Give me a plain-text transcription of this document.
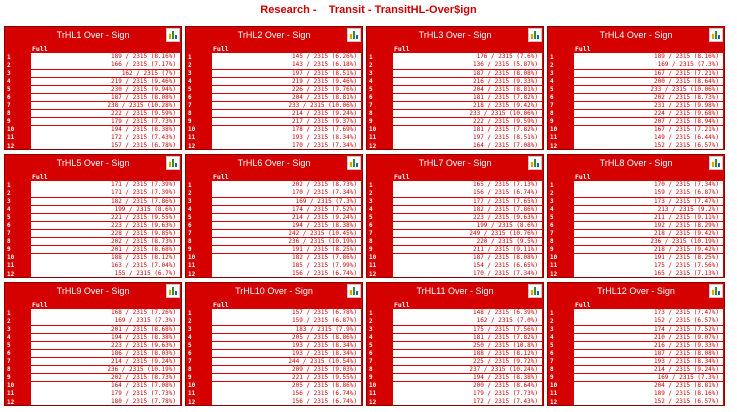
Research -    Transit - TransitHL-Over$ign
TrHL1 Over - Sign
Full
1	189 / 2315 (8.16%)
2	166 / 2315 (7.17%)
3	162 / 2315 (7%)
4	219 / 2315 (9.46%)
5	230 / 2315 (9.94%)
6	187 / 2315 (8.08%)
7	238 / 2315 (10.28%)
8	222 / 2315 (9.59%)
9	179 / 2315 (7.73%)
10	194 / 2315 (8.38%)
11	172 / 2315 (7.43%)
12	157 / 2315 (6.78%)
TrHL2 Over - Sign
Full
1	145 / 2315 (6.26%)
2	143 / 2315 (6.18%)
3	197 / 2315 (8.51%)
4	219 / 2315 (9.46%)
5	226 / 2315 (9.76%)
6	204 / 2315 (8.81%)
7	233 / 2315 (10.06%)
8	214 / 2315 (9.24%)
9	217 / 2315 (9.37%)
10	178 / 2315 (7.69%)
11	193 / 2315 (8.34%)
12	170 / 2315 (7.34%)
TrHL3 Over - Sign
Full
1	176 / 2315 (7.6%)
2	136 / 2315 (5.87%)
3	187 / 2315 (8.08%)
4	216 / 2315 (9.33%)
5	204 / 2315 (8.81%)
6	181 / 2315 (7.82%)
7	218 / 2315 (9.42%)
8	233 / 2315 (10.06%)
9	222 / 2315 (9.59%)
10	181 / 2315 (7.82%)
11	197 / 2315 (8.51%)
12	164 / 2315 (7.08%)
TrHL4 Over - Sign
Full
1	189 / 2315 (8.16%)
2	169 / 2315 (7.3%)
3	167 / 2315 (7.21%)
4	200 / 2315 (8.64%)
5	233 / 2315 (10.06%)
6	202 / 2315 (8.73%)
7	231 / 2315 (9.98%)
8	224 / 2315 (9.68%)
9	207 / 2315 (8.94%)
10	167 / 2315 (7.21%)
11	149 / 2315 (6.44%)
12	152 / 2315 (6.57%)
TrHL5 Over - Sign
Full
1	171 / 2315 (7.39%)
2	171 / 2315 (7.39%)
3	182 / 2315 (7.86%)
4	199 / 2315 (8.6%)
5	221 / 2315 (9.55%)
6	223 / 2315 (9.63%)
7	228 / 2315 (9.85%)
8	202 / 2315 (8.73%)
9	201 / 2315 (8.68%)
10	188 / 2315 (8.12%)
11	163 / 2315 (7.04%)
12	155 / 2315 (6.7%)
TrHL6 Over - Sign
Full
1	202 / 2315 (8.73%)
2	170 / 2315 (7.34%)
3	169 / 2315 (7.3%)
4	174 / 2315 (7.52%)
5	214 / 2315 (9.24%)
6	194 / 2315 (8.38%)
7	242 / 2315 (10.45%)
8	236 / 2315 (10.19%)
9	191 / 2315 (8.25%)
10	182 / 2315 (7.86%)
11	185 / 2315 (7.99%)
12	156 / 2315 (6.74%)
TrHL7 Over - Sign
Full
1	165 / 2315 (7.13%)
2	156 / 2315 (6.74%)
3	177 / 2315 (7.65%)
4	182 / 2315 (7.86%)
5	223 / 2315 (9.63%)
6	199 / 2315 (8.6%)
7	249 / 2315 (10.76%)
8	220 / 2315 (9.5%)
9	211 / 2315 (9.11%)
10	187 / 2315 (8.08%)
11	154 / 2315 (6.65%)
12	170 / 2315 (7.34%)
TrHL8 Over - Sign
Full
1	170 / 2315 (7.34%)
2	159 / 2315 (6.87%)
3	173 / 2315 (7.47%)
4	213 / 2315 (9.2%)
5	211 / 2315 (9.11%)
6	192 / 2315 (8.29%)
7	218 / 2315 (9.42%)
8	236 / 2315 (10.19%)
9	218 / 2315 (9.42%)
10	191 / 2315 (8.25%)
11	175 / 2315 (7.56%)
12	165 / 2315 (7.13%)
TrHL9 Over - Sign
Full
1	168 / 2315 (7.26%)
2	169 / 2315 (7.3%)
3	201 / 2315 (8.68%)
4	194 / 2315 (8.38%)
5	223 / 2315 (9.63%)
6	186 / 2315 (8.03%)
7	214 / 2315 (9.24%)
8	236 / 2315 (10.19%)
9	202 / 2315 (8.73%)
10	164 / 2315 (7.08%)
11	179 / 2315 (7.73%)
12	180 / 2315 (7.78%)
TrHL10 Over - Sign
Full
1	157 / 2315 (6.78%)
2	159 / 2315 (6.87%)
3	183 / 2315 (7.9%)
4	205 / 2315 (8.86%)
5	193 / 2315 (8.34%)
6	193 / 2315 (8.34%)
7	244 / 2315 (10.54%)
8	209 / 2315 (9.03%)
9	221 / 2315 (9.55%)
10	205 / 2315 (8.86%)
11	156 / 2315 (6.74%)
12	156 / 2315 (6.74%)
TrHL11 Over - Sign
Full
1	148 / 2315 (6.39%)
2	162 / 2315 (7.0%)
3	175 / 2315 (7.56%)
4	181 / 2315 (7.82%)
5	250 / 2315 (10.8%)
6	188 / 2315 (8.12%)
7	225 / 2315 (9.72%)
8	237 / 2315 (10.24%)
9	194 / 2315 (8.38%)
10	200 / 2315 (8.64%)
11	179 / 2315 (7.73%)
12	172 / 2315 (7.43%)
TrHL12 Over - Sign
Full
1	173 / 2315 (7.47%)
2	152 / 2315 (6.57%)
3	174 / 2315 (7.52%)
4	210 / 2315 (9.07%)
5	216 / 2315 (9.33%)
6	187 / 2315 (8.08%)
7	193 / 2315 (8.34%)
8	214 / 2315 (9.24%)
9	169 / 2315 (7.3%)
10	204 / 2315 (8.81%)
11	189 / 2315 (8.16%)
12	152 / 2315 (6.57%)
